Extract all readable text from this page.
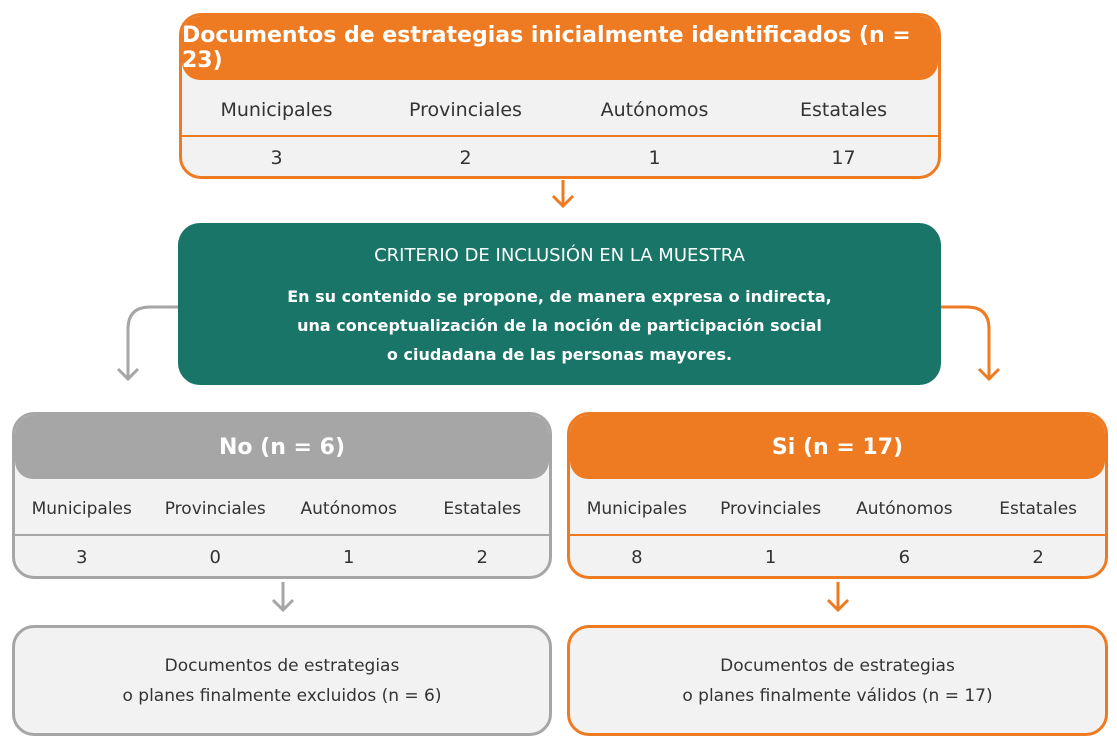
Documentos de estrategias inicialmente identificados (n = 23)
Municipales	Provinciales	Autónomos	Estatales
3	2	1	17
CRITERIO DE INCLUSIÓN EN LA MUESTRA
En su contenido se propone, de manera expresa o indirecta,
una conceptualización de la noción de participación social
o ciudadana de las personas mayores.
No (n = 6)
Municipales	Provinciales	Autónomos	Estatales
3	0	1	2
Si (n = 17)
Municipales	Provinciales	Autónomos	Estatales
8	1	6	2
Documentos de estrategias
o planes finalmente excluidos (n = 6)
Documentos de estrategias
o planes finalmente válidos (n = 17)
